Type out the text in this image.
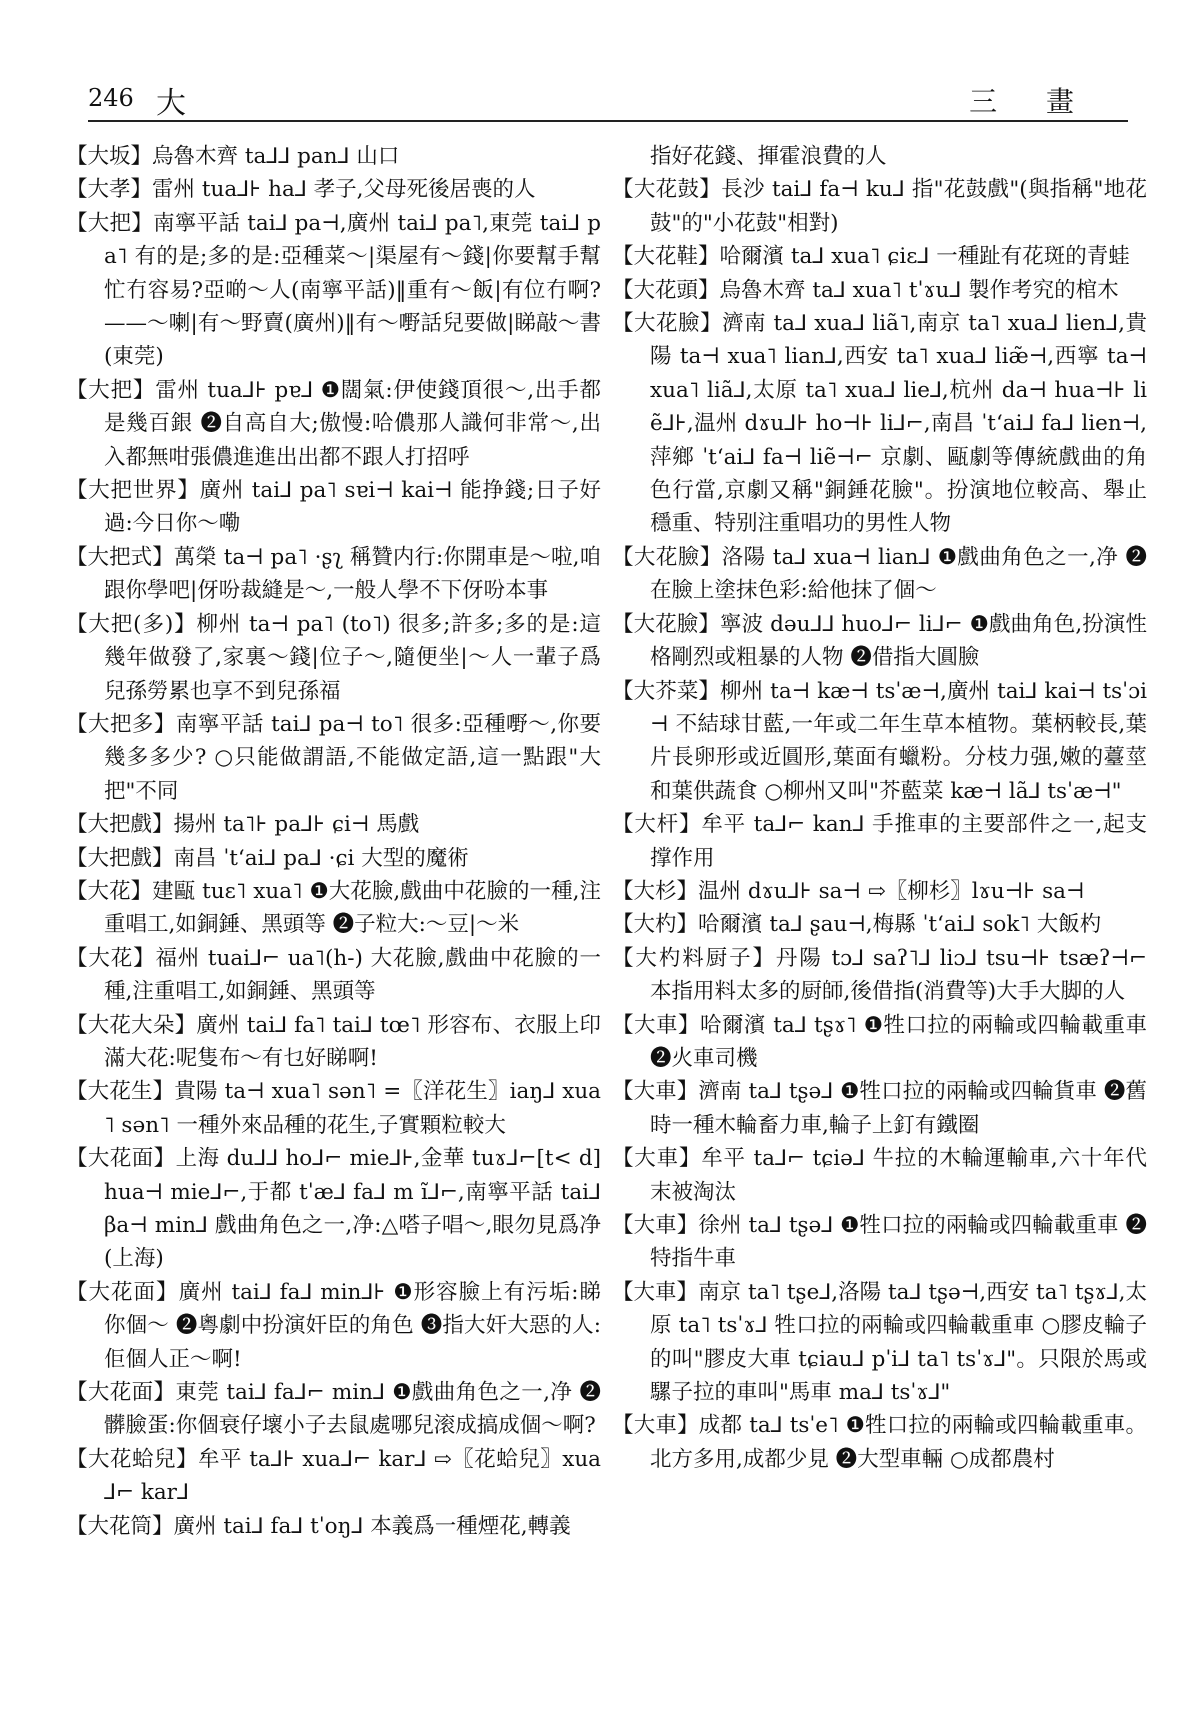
246 大	三 畫

【大坂】烏魯木齊 ta⅃⅃ pan⅃ 山口

【大孝】雷州 tua⅃⊦ ha⅃ 孝子,父母死後居喪的人

【大把】南寧平話 tai⅃ pa⊣,廣州 tai⅃ pa˥,東莞 tai⅃ pa˥ 有的是;多的是:亞種菜～|渠屋有～錢|你要幫手幫忙冇容易?亞啲～人(南寧平話)‖重有～飯|有位冇啊?——～喇|有～野賣(廣州)‖有～嘢話兒要做|睇敲～書(東莞)

【大把】雷州 tua⅃⊦ pɐ⅃ ❶闊氣:伊使錢頂很～,出手都是幾百銀 ❷自高自大;傲慢:哈儂那人識何非常～,出入都無咁張儂進進出出都不跟人打招呼

【大把世界】廣州 tai⅃ pa˥ sɐi⊣ kai⊣ 能挣錢;日子好過:今日你～嘞

【大把式】萬榮 ta⊣ pa˥ ·ʂʅ 稱贊内行:你開車是～啦,咱跟你學吧|伢吩裁縫是～,一般人學不下伢吩本事

【大把(多)】柳州 ta⊣ pa˥ (to˥) 很多;許多;多的是:這幾年做發了,家裏～錢|位子～,隨便坐|～人一輩子爲兒孫勞累也享不到兒孫福

【大把多】南寧平話 tai⅃ pa⊣ to˥ 很多:亞種嘢～,你要幾多多少? ○只能做謂語,不能做定語,這一點跟"大把"不同

【大把戲】揚州 ta˥⊦ pa⅃⊦ ɕi⊣ 馬戲

【大把戲】南昌 ˈtʻai⅃ pa⅃ ·ɕi 大型的魔術

【大花】建甌 tuɛ˥ xua˥ ❶大花臉,戲曲中花臉的一種,注重唱工,如銅錘、黑頭等 ❷子粒大:～豆|～米

【大花】福州 tuai⅃⌐ ua˥(h-) 大花臉,戲曲中花臉的一種,注重唱工,如銅錘、黑頭等

【大花大朵】廣州 tai⅃ fa˥ tai⅃ tœ˥ 形容布、衣服上印滿大花:呢隻布～有乜好睇啊!

【大花生】貴陽 ta⊣ xua˥ sən˥ =〖洋花生〗iaŋ⅃ xua˥ sən˥ 一種外來品種的花生,子實顆粒較大

【大花面】上海 du⅃⅃ ho⅃⌐ mie⅃⊦,金華 tuɤ⅃⌐[t< d] hua⊣ mie⅃⌐,于都 tˈæ⅃ fa⅃ m ĩ⅃⌐,南寧平話 tai⅃ βa⊣ min⅃ 戲曲角色之一,净:△嗒子唱～,眼勿見爲净(上海)

【大花面】廣州 tai⅃ fa⅃ min⅃⊦ ❶形容臉上有污垢:睇你個～ ❷粵劇中扮演奸臣的角色 ❸指大奸大惡的人:佢個人正～啊!

【大花面】東莞 tai⅃ fa⅃⌐ min⅃ ❶戲曲角色之一,净 ❷髒臉蛋:你個衰仔壞小子去鼠處哪兒滚成搞成個～啊?

【大花蛤兒】牟平 ta⅃⊦ xua⅃⌐ kar⅃ ⇨〖花蛤兒〗xua⅃⌐ kar⅃

【大花筒】廣州 tai⅃ fa⅃ tˈoŋ⅃ 本義爲一種煙花,轉義

指好花錢、揮霍浪費的人

【大花鼓】長沙 tai⅃ fa⊣ ku⅃ 指"花鼓戲"(與指稱"地花鼓"的"小花鼓"相對)

【大花鞋】哈爾濱 ta⅃ xua˥ ɕiɛ⅃ 一種趾有花斑的青蛙

【大花頭】烏魯木齊 ta⅃ xua˥ tˈɤu⅃ 製作考究的棺木

【大花臉】濟南 ta⅃ xua⅃ liã˥,南京 ta˥ xua⅃ lien⅃,貴陽 ta⊣ xua˥ lian⅃,西安 ta˥ xua⅃ liæ̃⊣,西寧 ta⊣ xua˥ liã⅃,太原 ta˥ xua⅃ lie⅃,杭州 da⊣ hua⊣⊦ liẽ⅃⊦,温州 dɤu⅃⊦ ho⊣⊦ li⅃⌐,南昌 ˈtʻai⅃ fa⅃ lien⊣,萍鄉 ˈtʻai⅃ fa⊣ liẽ⊣⌐ 京劇、甌劇等傳統戲曲的角色行當,京劇又稱"銅錘花臉"。扮演地位較高、舉止穩重、特别注重唱功的男性人物

【大花臉】洛陽 ta⅃ xua⊣ lian⅃ ❶戲曲角色之一,净 ❷在臉上塗抹色彩:給他抹了個～

【大花臉】寧波 dəu⅃⅃ huo⅃⌐ li⅃⌐ ❶戲曲角色,扮演性格剛烈或粗暴的人物 ❷借指大圓臉

【大芥菜】柳州 ta⊣ kæ⊣ tsˈæ⊣,廣州 tai⅃ kai⊣ tsˈɔi⊣ 不結球甘藍,一年或二年生草本植物。葉柄較長,葉片長卵形或近圓形,葉面有蠟粉。分枝力强,嫩的薹莖和葉供蔬食 ○柳州又叫"芥藍菜 kæ⊣ lã⅃ tsˈæ⊣"

【大杆】牟平 ta⅃⌐ kan⅃ 手推車的主要部件之一,起支撑作用

【大杉】温州 dɤu⅃⊦ sa⊣ ⇨〖柳杉〗lɤu⊣⊦ sa⊣

【大杓】哈爾濱 ta⅃ ʂau⊣,梅縣 ˈtʻai⅃ sok˥ 大飯杓

【大杓料厨子】丹陽 tɔ⅃ saʔ˥⅃ liɔ⅃ tsu⊣⊦ tsæʔ⊣⌐ 本指用料太多的厨師,後借指(消費等)大手大脚的人

【大車】哈爾濱 ta⅃ tʂɤ˥ ❶牲口拉的兩輪或四輪載重車 ❷火車司機

【大車】濟南 ta⅃ tʂə⅃ ❶牲口拉的兩輪或四輪貨車 ❷舊時一種木輪畜力車,輪子上釘有鐵圈

【大車】牟平 ta⅃⌐ tɕiə⅃ 牛拉的木輪運輸車,六十年代末被淘汰

【大車】徐州 ta⅃ tʂə⅃ ❶牲口拉的兩輪或四輪載重車 ❷特指牛車

【大車】南京 ta˥ tʂe⅃,洛陽 ta⅃ tʂə⊣,西安 ta˥ tʂɤ⅃,太原 ta˥ tsˈɤ⅃ 牲口拉的兩輪或四輪載重車 ○膠皮輪子的叫"膠皮大車 tɕiau⅃ pˈi⅃ ta˥ tsˈɤ⅃"。只限於馬或騾子拉的車叫"馬車 ma⅃ tsˈɤ⅃"

【大車】成都 ta⅃ tsˈe˥ ❶牲口拉的兩輪或四輪載重車。北方多用,成都少見 ❷大型車輛 ○成都農村
